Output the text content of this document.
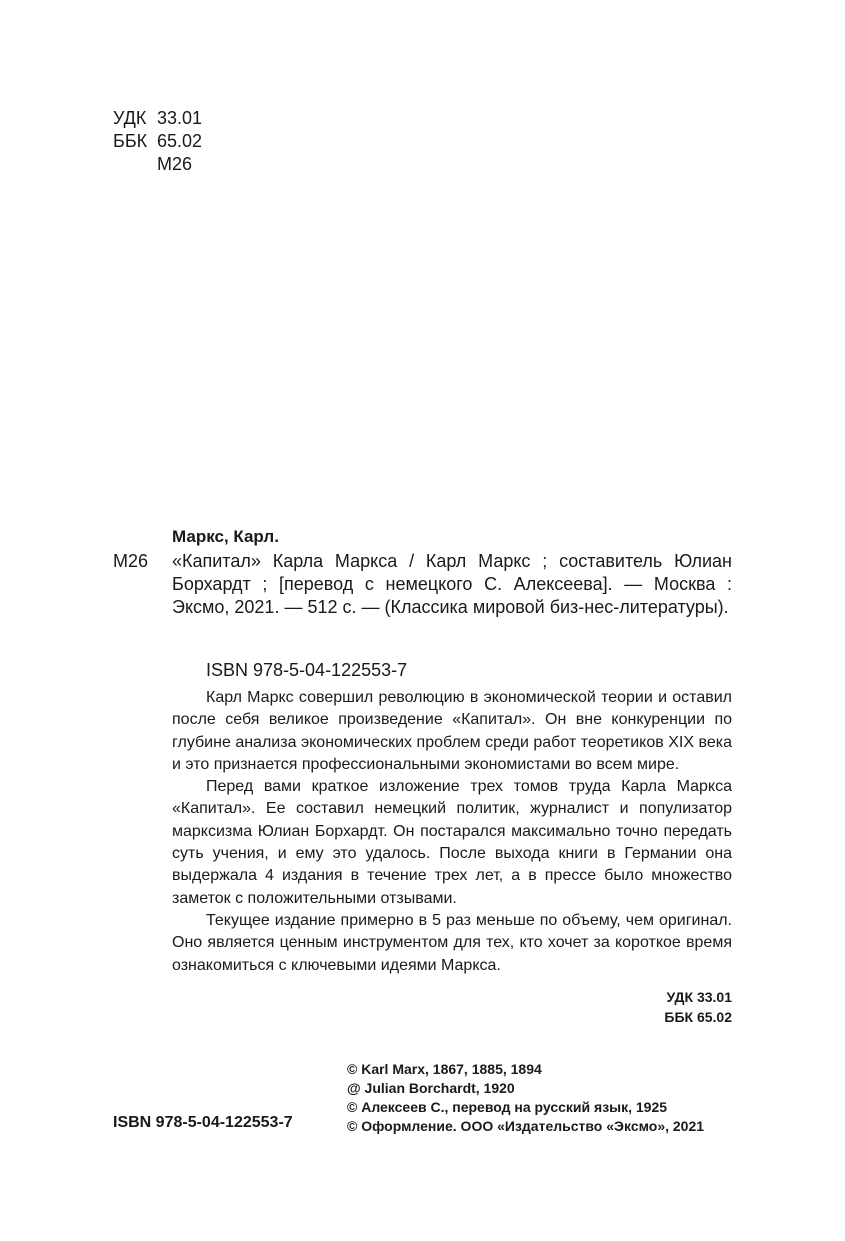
УДК 33.01
ББК 65.02
М26
Маркс, Карл.
М26 «Капитал» Карла Маркса / Карл Маркс ; составитель Юлиан Борхардт ; [перевод с немецкого С. Алексеева]. — Москва : Эксмо, 2021. — 512 с. — (Классика мировой биз-нес-литературы).

ISBN 978-5-04-122553-7

Карл Маркс совершил революцию в экономической теории и оставил после себя великое произведение «Капитал». Он вне конкуренции по глубине анализа экономических проблем среди работ теоретиков XIX века и это признается профессиональными экономистами во всем мире.

Перед вами краткое изложение трех томов труда Карла Маркса «Капитал». Ее составил немецкий политик, журналист и популизатор марксизма Юлиан Борхардт. Он постарался максимально точно передать суть учения, и ему это удалось. После выхода книги в Германии она выдержала 4 издания в течение трех лет, а в прессе было множество заметок с положительными отзывами.

Текущее издание примерно в 5 раз меньше по объему, чем оригинал. Оно является ценным инструментом для тех, кто хочет за короткое время ознакомиться с ключевыми идеями Маркса.

УДК 33.01
ББК 65.02
© Karl Marx, 1867, 1885, 1894
@ Julian Borchardt, 1920
© Алексеев С., перевод на русский язык, 1925
© Оформление. ООО «Издательство «Эксмо», 2021
ISBN 978-5-04-122553-7
